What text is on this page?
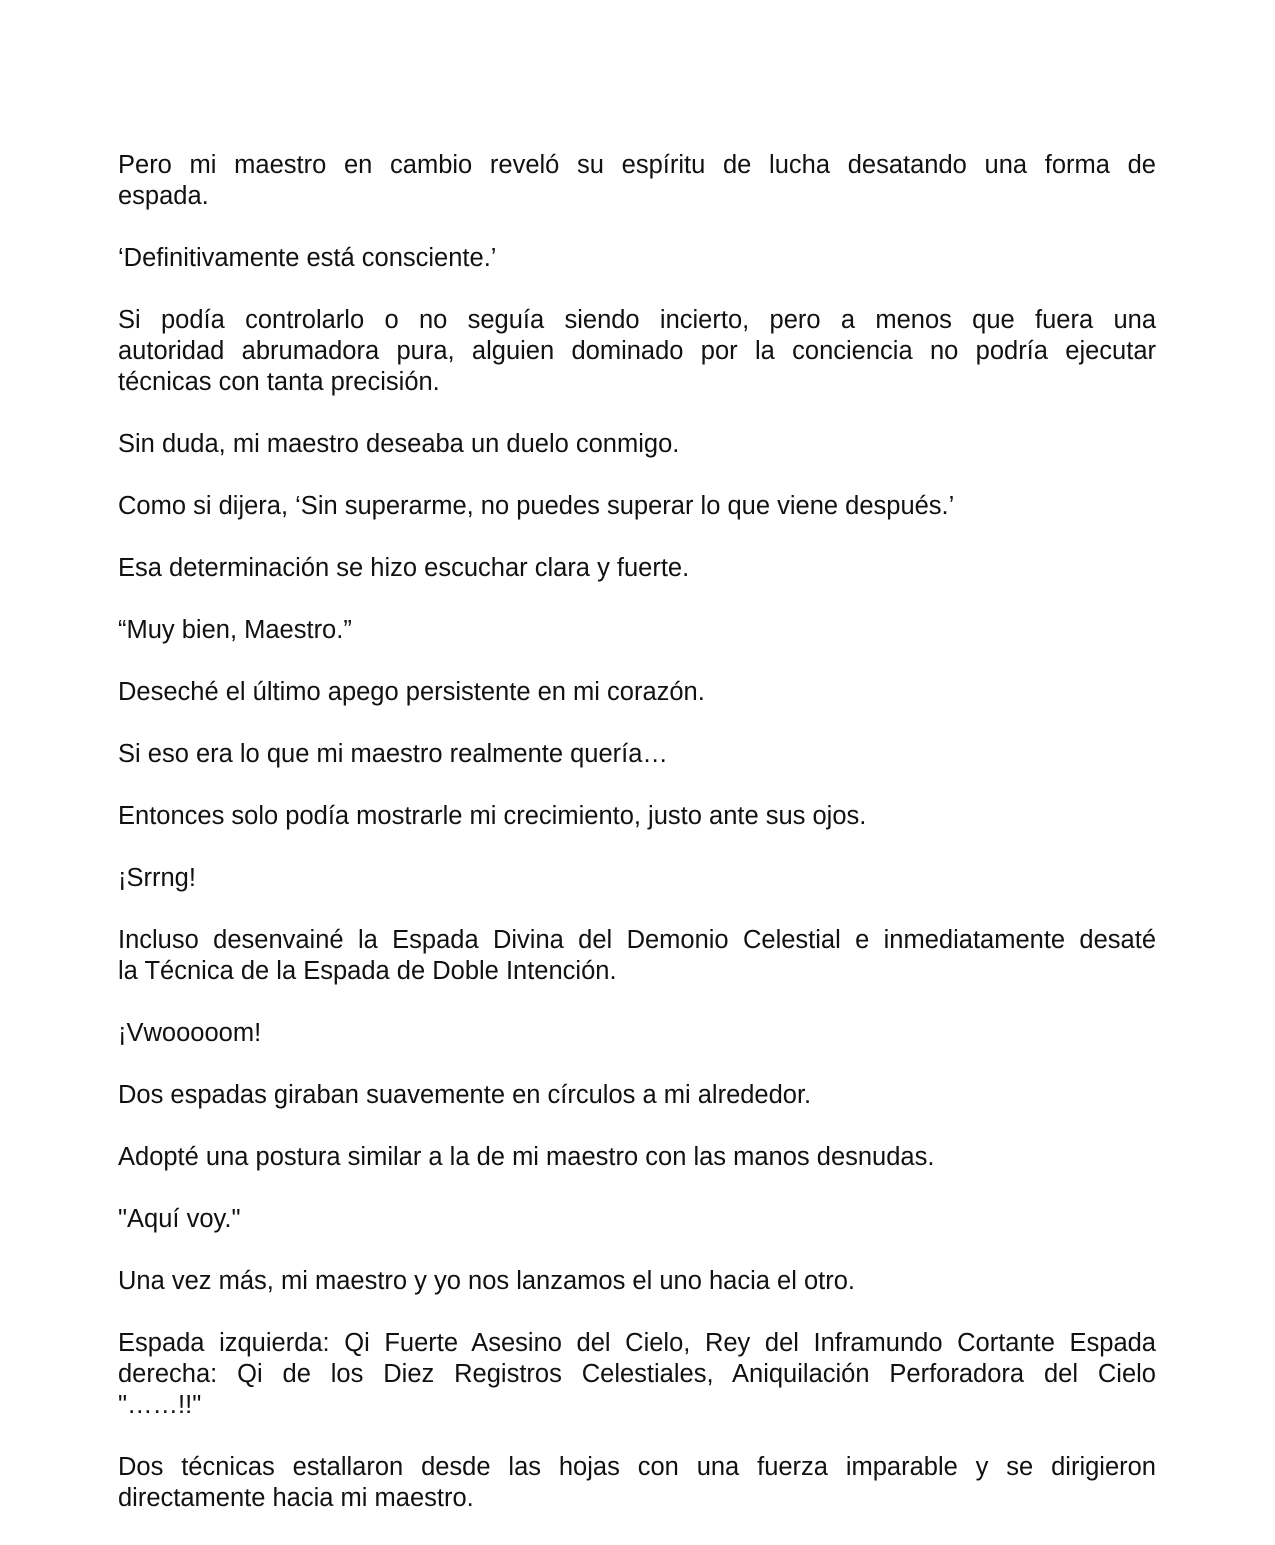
Pero mi maestro en cambio reveló su espíritu de lucha desatando una forma de
espada.

‘Definitivamente está consciente.’

Si podía controlarlo o no seguía siendo incierto, pero a menos que fuera una
autoridad abrumadora pura, alguien dominado por la conciencia no podría ejecutar
técnicas con tanta precisión.

Sin duda, mi maestro deseaba un duelo conmigo.

Como si dijera, ‘Sin superarme, no puedes superar lo que viene después.’

Esa determinación se hizo escuchar clara y fuerte.

“Muy bien, Maestro.”

Deseché el último apego persistente en mi corazón.

Si eso era lo que mi maestro realmente quería…

Entonces solo podía mostrarle mi crecimiento, justo ante sus ojos.

¡Srrng!

Incluso desenvainé la Espada Divina del Demonio Celestial e inmediatamente desaté
la Técnica de la Espada de Doble Intención.

¡Vwooooom!

Dos espadas giraban suavemente en círculos a mi alrededor.

Adopté una postura similar a la de mi maestro con las manos desnudas.

"Aquí voy."

Una vez más, mi maestro y yo nos lanzamos el uno hacia el otro.

Espada izquierda: Qi Fuerte Asesino del Cielo, Rey del Inframundo Cortante Espada
derecha: Qi de los Diez Registros Celestiales, Aniquilación Perforadora del Cielo
"……!!"

Dos técnicas estallaron desde las hojas con una fuerza imparable y se dirigieron
directamente hacia mi maestro.
